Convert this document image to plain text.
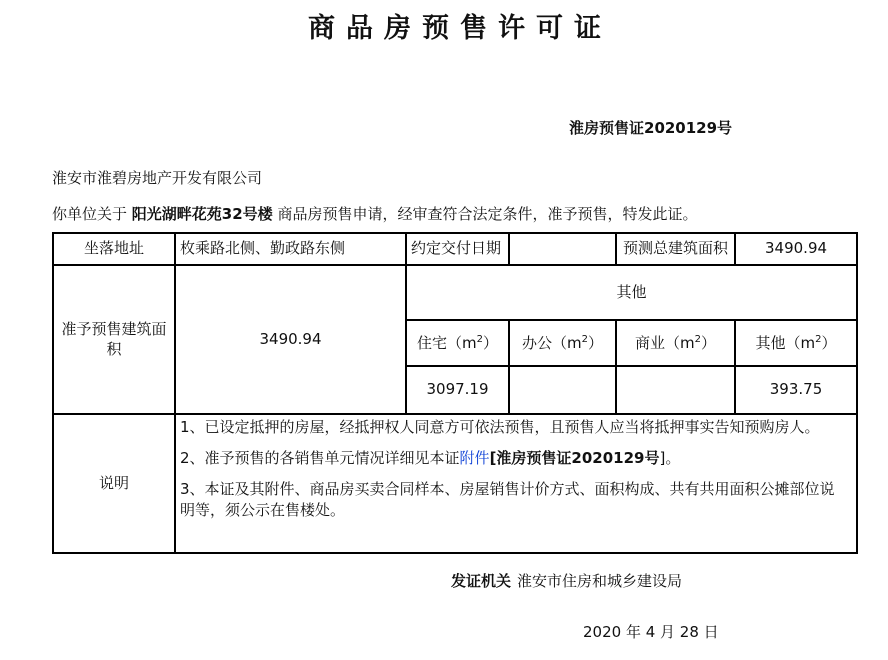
商品房预售许可证
淮房预售证2020129号
淮安市淮碧房地产开发有限公司
你单位关于 阳光湖畔花苑32号楼 商品房预售申请，经审查符合法定条件，准予预售，特发此证。
坐落地址	枚乘路北侧、勤政路东侧	约定交付日期		预测总建筑面积	3490.94
准予预售建筑面积	3490.94	其他			
		住宅$(m^2)$	办公$(m^2)$	商业$(m^2)$	其他$(m^2)$
		3097.19			393.75
说明	1、已设定抵押的房屋，经抵押权人同意方可依法预售，且预售人应当将抵押事实告知预购房人。
2、准予预售的各销售单元情况详细见本证附件[淮房预售证2020129号]。
3、本证及其附件、商品房买卖合同样本、房屋销售计价方式、面积构成、共有共用面积公摊部位说明等，须公示在售楼处。				
发证机关 淮安市住房和城乡建设局
2020 年 4 月 28 日
